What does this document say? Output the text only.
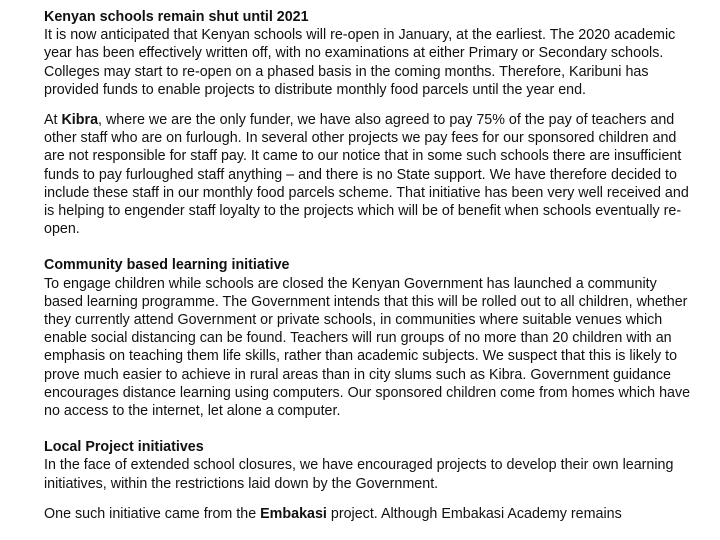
Kenyan schools remain shut until 2021

It is now anticipated that Kenyan schools will re-open in January, at the earliest. The 2020 academic year has been effectively written off, with no examinations at either Primary or Secondary schools. Colleges may start to re-open on a phased basis in the coming months. Therefore, Karibuni has provided funds to enable projects to distribute monthly food parcels until the year end.

At Kibra, where we are the only funder, we have also agreed to pay 75% of the pay of teachers and other staff who are on furlough. In several other projects we pay fees for our sponsored children and are not responsible for staff pay. It came to our notice that in some such schools there are insufficient funds to pay furloughed staff anything – and there is no State support. We have therefore decided to include these staff in our monthly food parcels scheme. That initiative has been very well received and is helping to engender staff loyalty to the projects which will be of benefit when schools eventually re-open.

Community based learning initiative

To engage children while schools are closed the Kenyan Government has launched a community based learning programme. The Government intends that this will be rolled out to all children, whether they currently attend Government or private schools, in communities where suitable venues which enable social distancing can be found. Teachers will run groups of no more than 20 children with an emphasis on teaching them life skills, rather than academic subjects. We suspect that this is likely to prove much easier to achieve in rural areas than in city slums such as Kibra. Government guidance encourages distance learning using computers. Our sponsored children come from homes which have no access to the internet, let alone a computer.

Local Project initiatives

In the face of extended school closures, we have encouraged projects to develop their own learning initiatives, within the restrictions laid down by the Government.

One such initiative came from the Embakasi project. Although Embakasi Academy remains
